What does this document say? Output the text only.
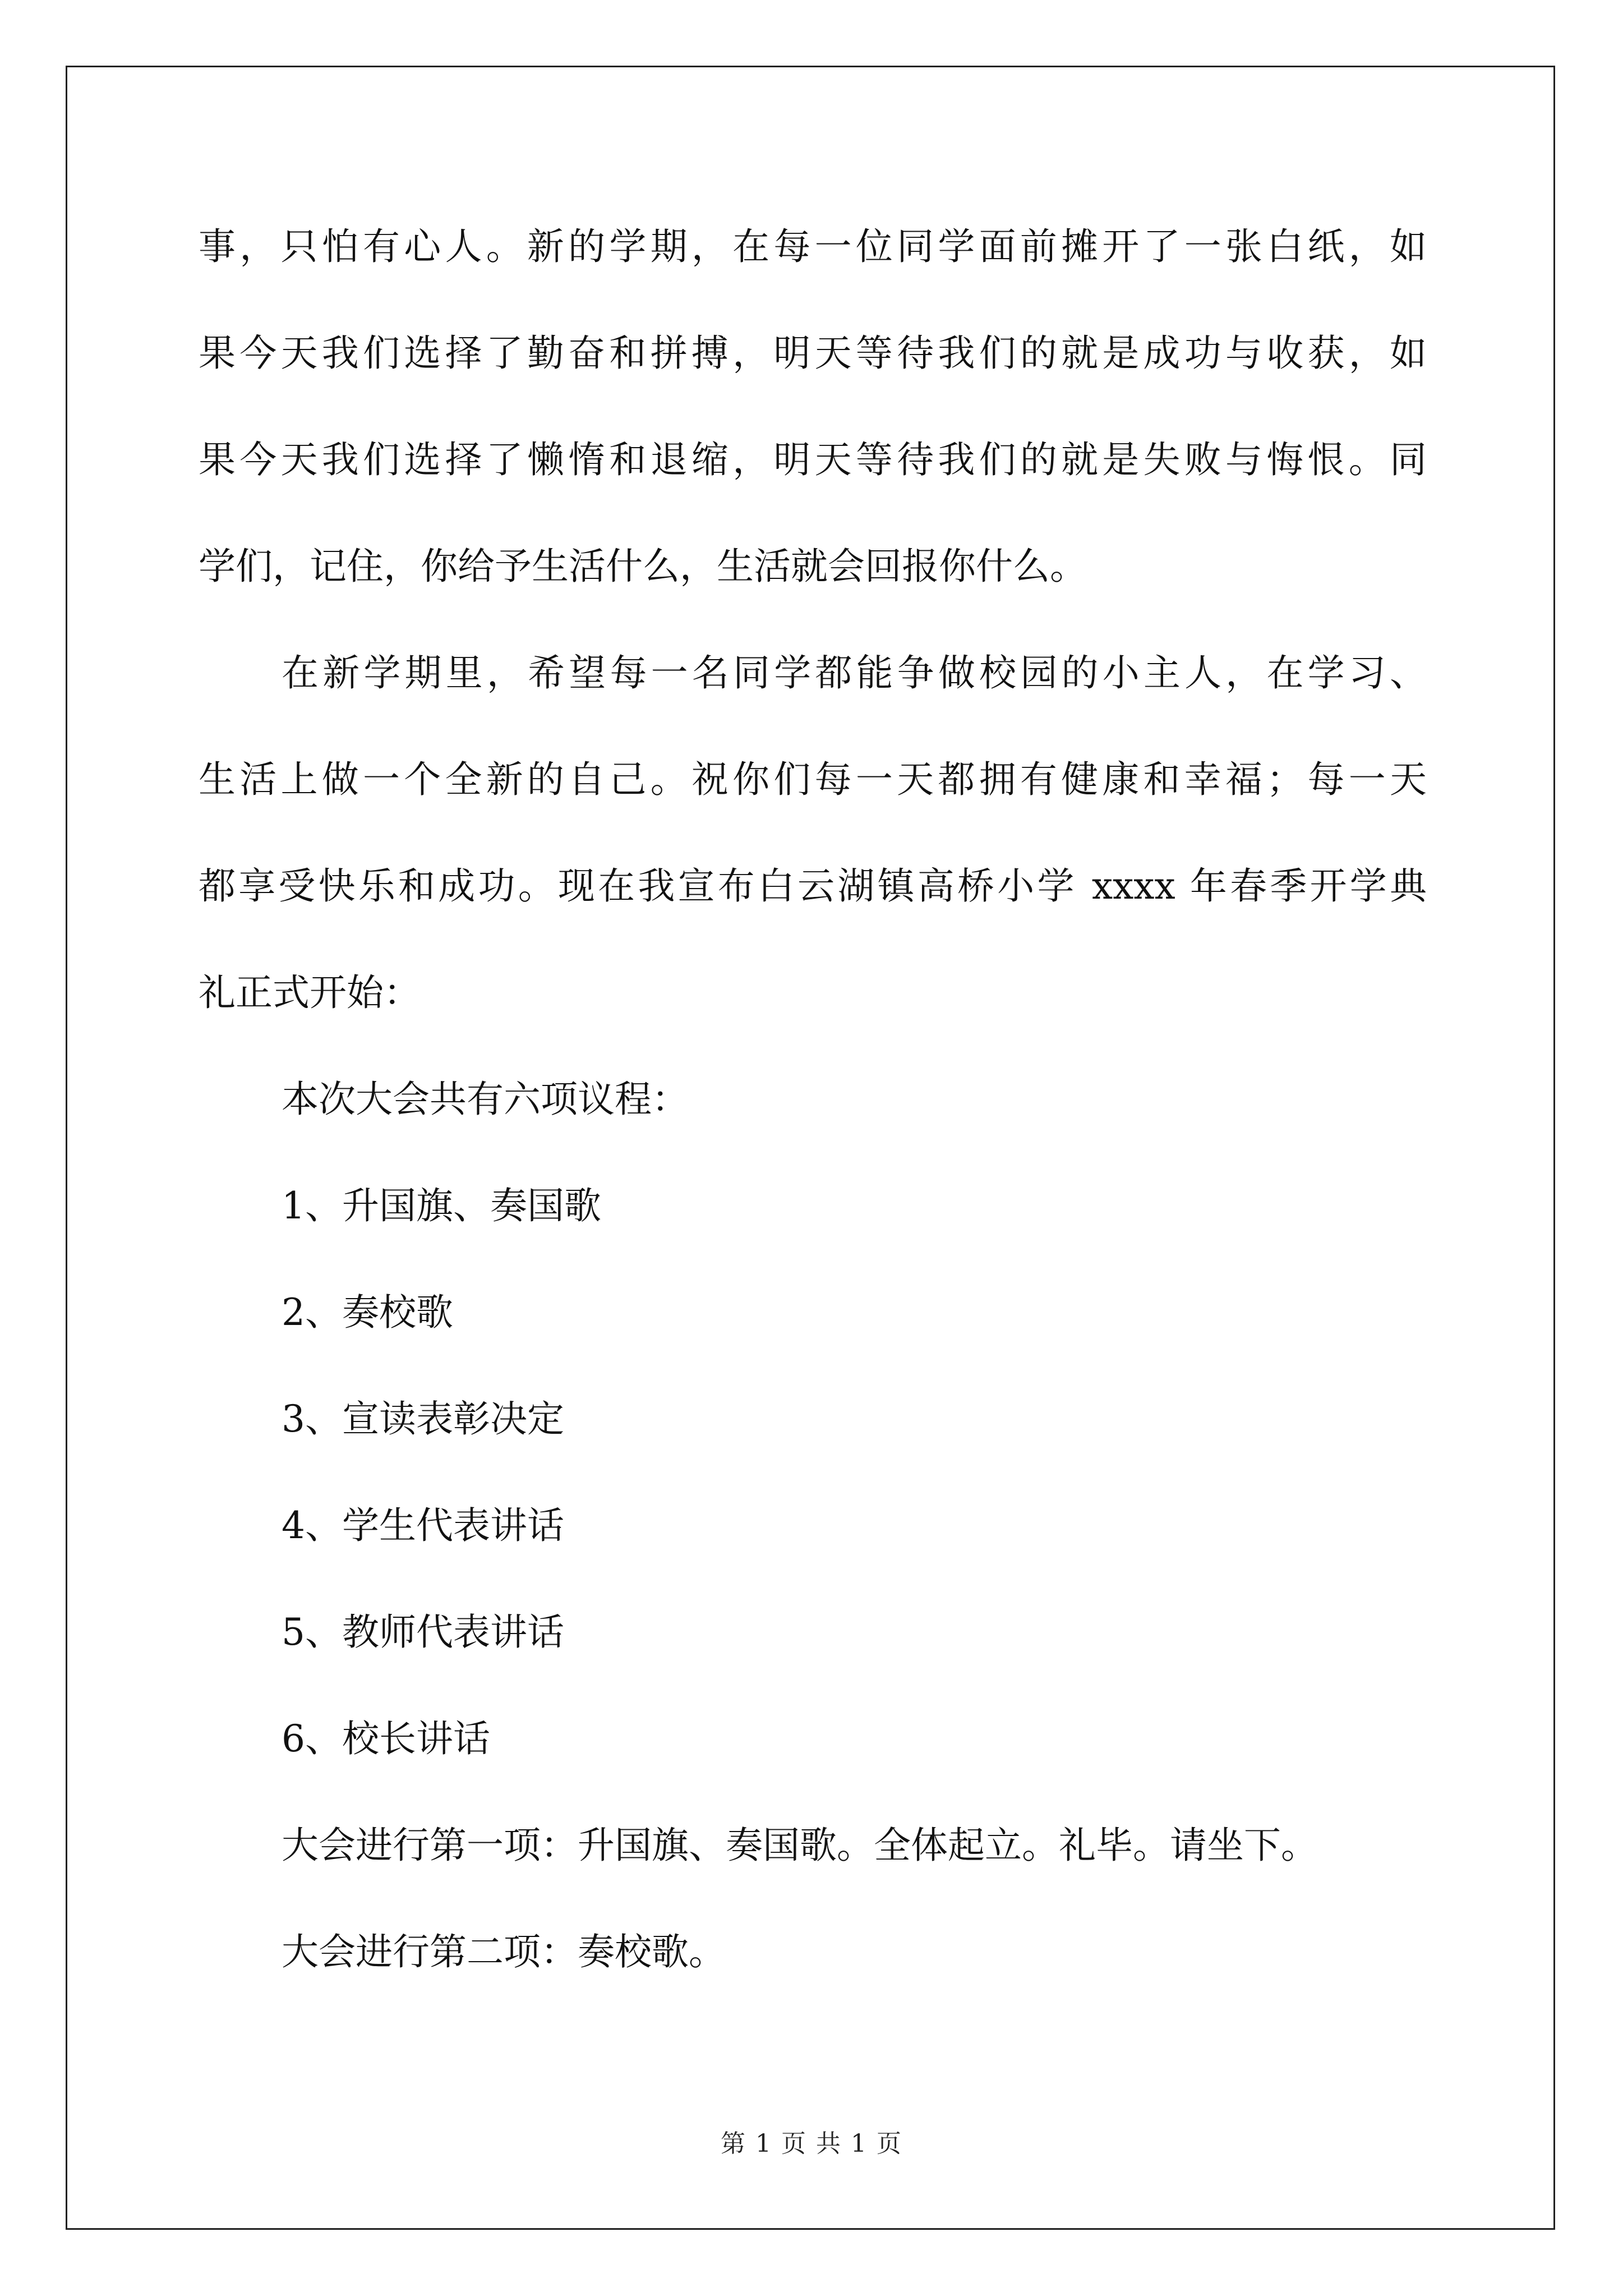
事，只怕有心人。新的学期，在每一位同学面前摊开了一张白纸，如
果今天我们选择了勤奋和拼搏，明天等待我们的就是成功与收获，如
果今天我们选择了懒惰和退缩，明天等待我们的就是失败与悔恨。同
学们，记住，你给予生活什么，生活就会回报你什么。
在新学期里，希望每一名同学都能争做校园的小主人，在学习、
生活上做一个全新的自己。祝你们每一天都拥有健康和幸福；每一天
都享受快乐和成功。现在我宣布白云湖镇高桥小学 xxxx 年春季开学典
礼正式开始：
本次大会共有六项议程：
1、升国旗、奏国歌
2、奏校歌
3、宣读表彰决定
4、学生代表讲话
5、教师代表讲话
6、校长讲话
大会进行第一项：升国旗、奏国歌。全体起立。礼毕。请坐下。
大会进行第二项：奏校歌。
第 1 页 共 1 页
